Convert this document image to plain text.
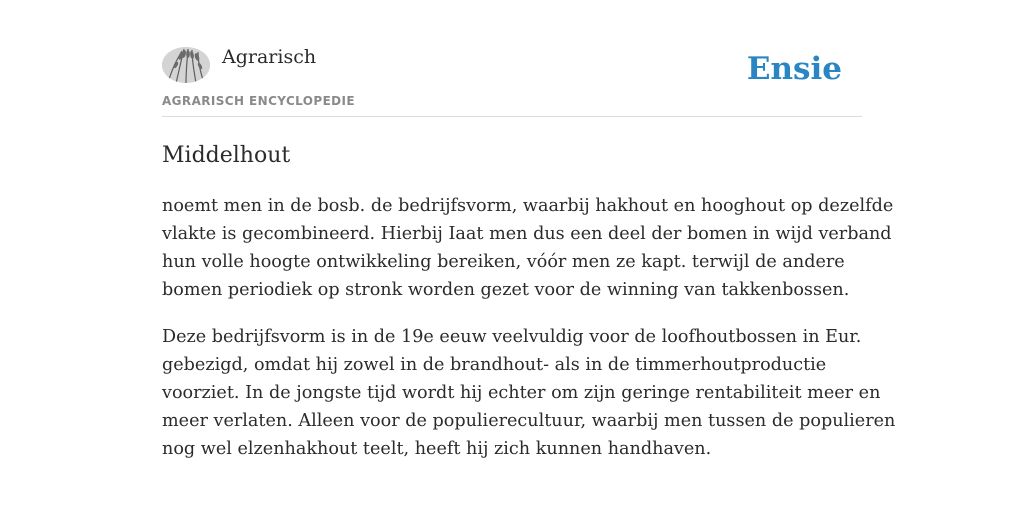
Agrarisch
AGRARISCH ENCYCLOPEDIE
Ensie
Middelhout

noemt men in de bosb. de bedrijfsvorm, waarbij hakhout en hooghout op dezelfde
vlakte is gecombineerd. Hierbij Iaat men dus een deel der bomen in wijd verband
hun volle hoogte ontwikkeling bereiken, vóór men ze kapt. terwijl de andere
bomen periodiek op stronk worden gezet voor de winning van takkenbossen.

Deze bedrijfsvorm is in de 19e eeuw veelvuldig voor de loofhoutbossen in Eur.
gebezigd, omdat hij zowel in de brandhout- als in de timmerhoutproductie
voorziet. In de jongste tijd wordt hij echter om zijn geringe rentabiliteit meer en
meer verlaten. Alleen voor de populierecultuur, waarbij men tussen de populieren
nog wel elzenhakhout teelt, heeft hij zich kunnen handhaven.
